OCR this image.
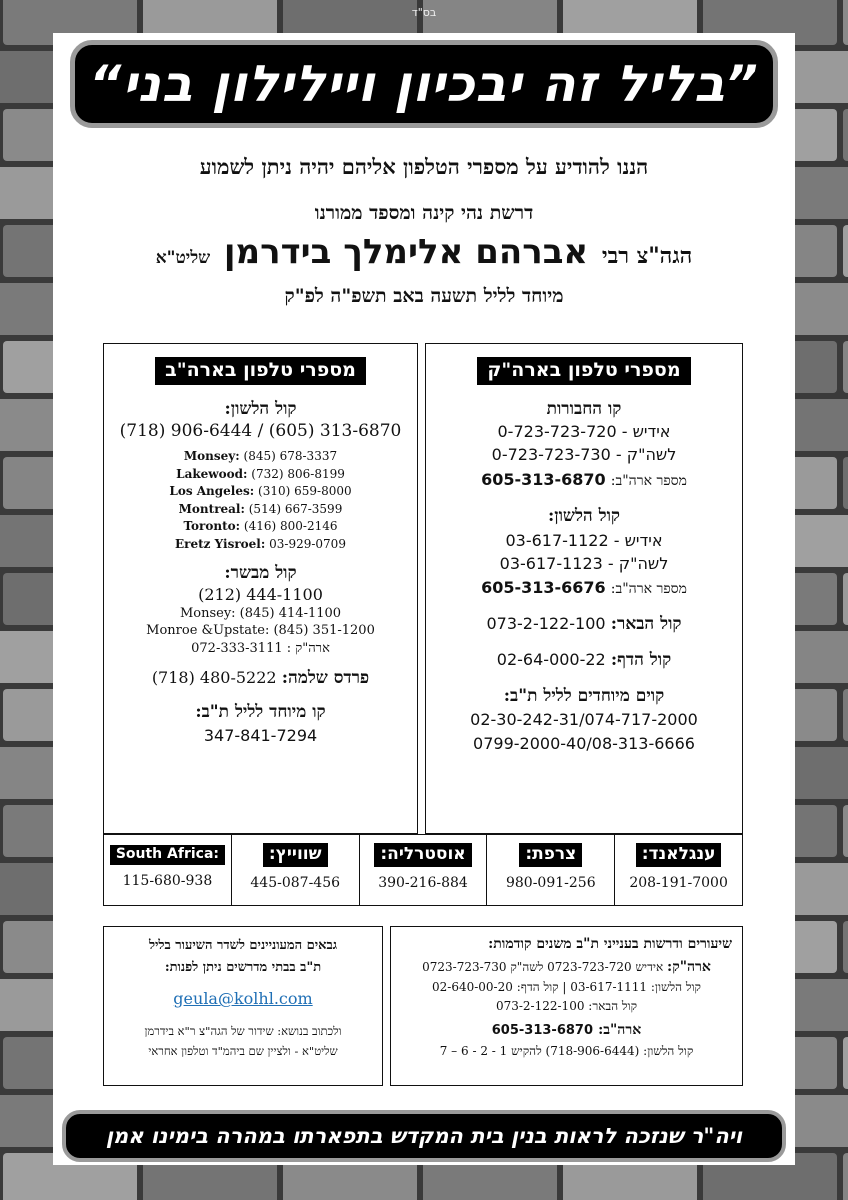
בס"ד
”בליל זה יבכיון ויילילון בני“
הננו להודיע על מספרי הטלפון אליהם יהיה ניתן לשמוע
דרשת נהי קינה ומספד ממורנו
הגה"צ רבי אברהם אלימלך בידרמן שליט"א
מיוחד לליל תשעה באב תשפ"ה לפ"ק
מספרי טלפון בארה"ק
קו החבורות
אידיש - 0-723-723-720
לשה"ק - 0-723-723-730
מספר ארה"ב: 605-313-6870
קול הלשון:
אידיש - 03-617-1122
לשה"ק - 03-617-1123
מספר ארה"ב: 605-313-6676
קול הבאר: 073-2-122-100
קול הדף: 02-64-000-22
קוים מיוחדים לליל ת"ב:
02-30-242-31/074-717-2000
0799-2000-40/08-313-6666
מספרי טלפון בארה"ב
קול הלשון:
(718) 906-6444 / (605) 313-6870
Monsey: (845) 678-3337
Lakewood: (732) 806-8199
Los Angeles: (310) 659-8000
Montreal: (514) 667-3599
Toronto: (416) 800-2146
Eretz Yisroel: 03-929-0709
קול מבשר:
(212) 444-1100
Monsey: (845) 414-1100
Monroe &Upstate: (845) 351-1200
ארה"ק : 072-333-3111
פרדס שלמה: (718) 480-5222
קו מיוחד לליל ת"ב:
347-841-7294
ענגלאנד:
208-191-7000
צרפת:
980-091-256
אוסטרליה:
390-216-884
שווייץ:
445-087-456
South Africa:
115-680-938
שיעורים ודרשות בענייני ת"ב משנים קודמות:
ארה"ק: אידיש 0723-723-720 לשה"ק 0723-723-730
קול הלשון: 03-617-1111 | קול הדף: 02-640-00-20
קול הבאר: 073-2-122-100
ארה"ב: 605-313-6870
קול הלשון: (718-906-6444) להקיש 1 - 2 - 6 – 7
גבאים המעוניינים לשדר השיעור בליל
ת"ב בבתי מדרשים ניתן לפנות:
geula@kolhl.com
ולכתוב בנושא: שידור של הגה"צ ר"א בידרמן
שליט"א - ולציין שם ביהמ"ד וטלפון אחראי
ויה"ר שנזכה לראות בנין בית המקדש בתפארתו במהרה בימינו אמן
